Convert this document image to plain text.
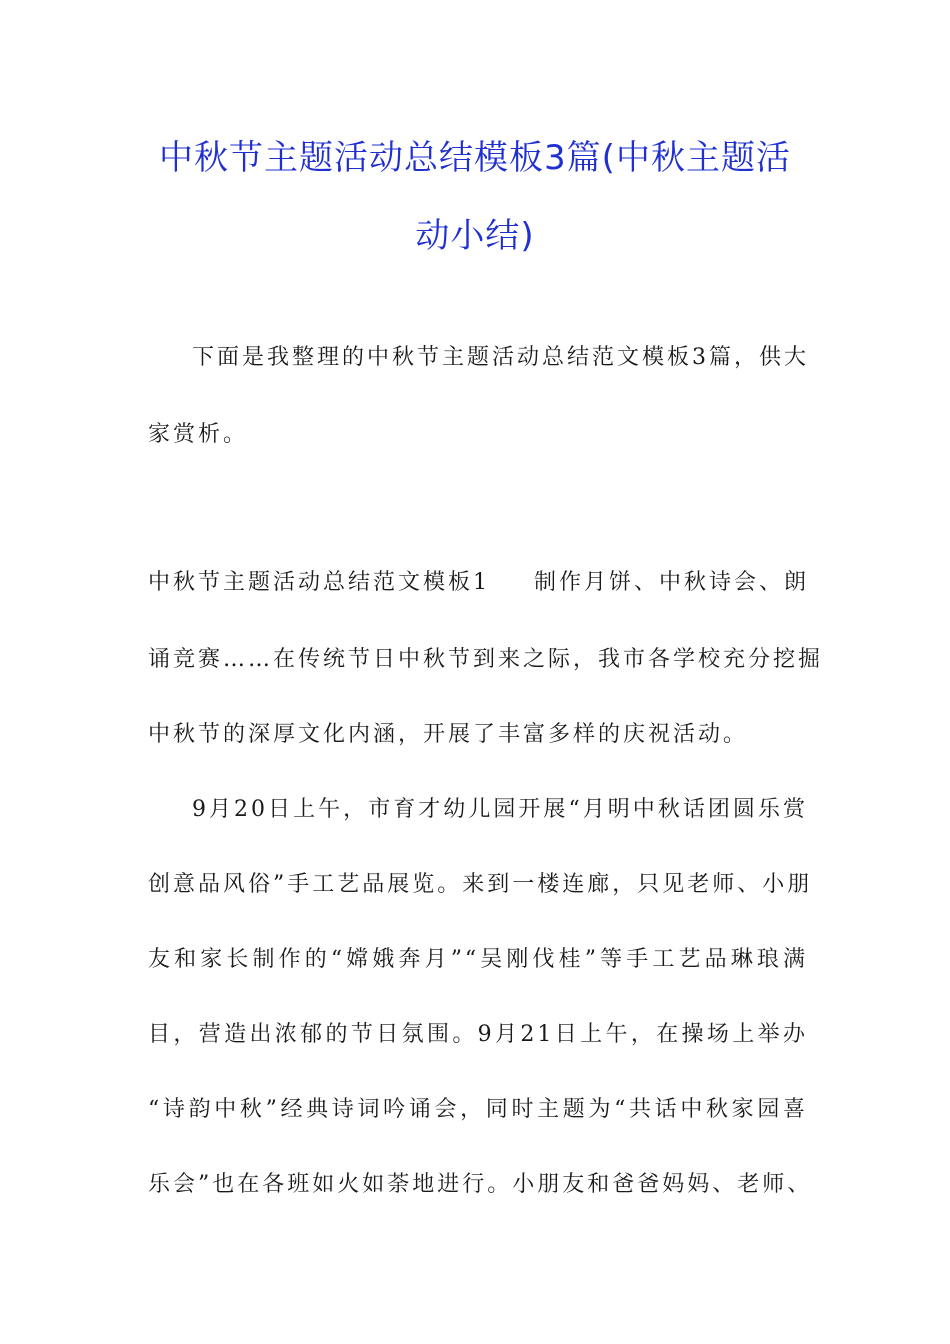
中秋节主题活动总结模板3篇(中秋主题活
动小结)
下面是我整理的中秋节主题活动总结范文模板3篇，供大
家赏析。
中秋节主题活动总结范文模板1 制作月饼、中秋诗会、朗
诵竞赛……在传统节日中秋节到来之际，我市各学校充分挖掘
中秋节的深厚文化内涵，开展了丰富多样的庆祝活动。
9月20日上午，市育才幼儿园开展“月明中秋话团圆乐赏
创意品风俗”手工艺品展览。来到一楼连廊，只见老师、小朋
友和家长制作的“嫦娥奔月”“吴刚伐桂”等手工艺品琳琅满
目，营造出浓郁的节日氛围。9月21日上午，在操场上举办
“诗韵中秋”经典诗词吟诵会，同时主题为“共话中秋家园喜
乐会”也在各班如火如荼地进行。小朋友和爸爸妈妈、老师、
